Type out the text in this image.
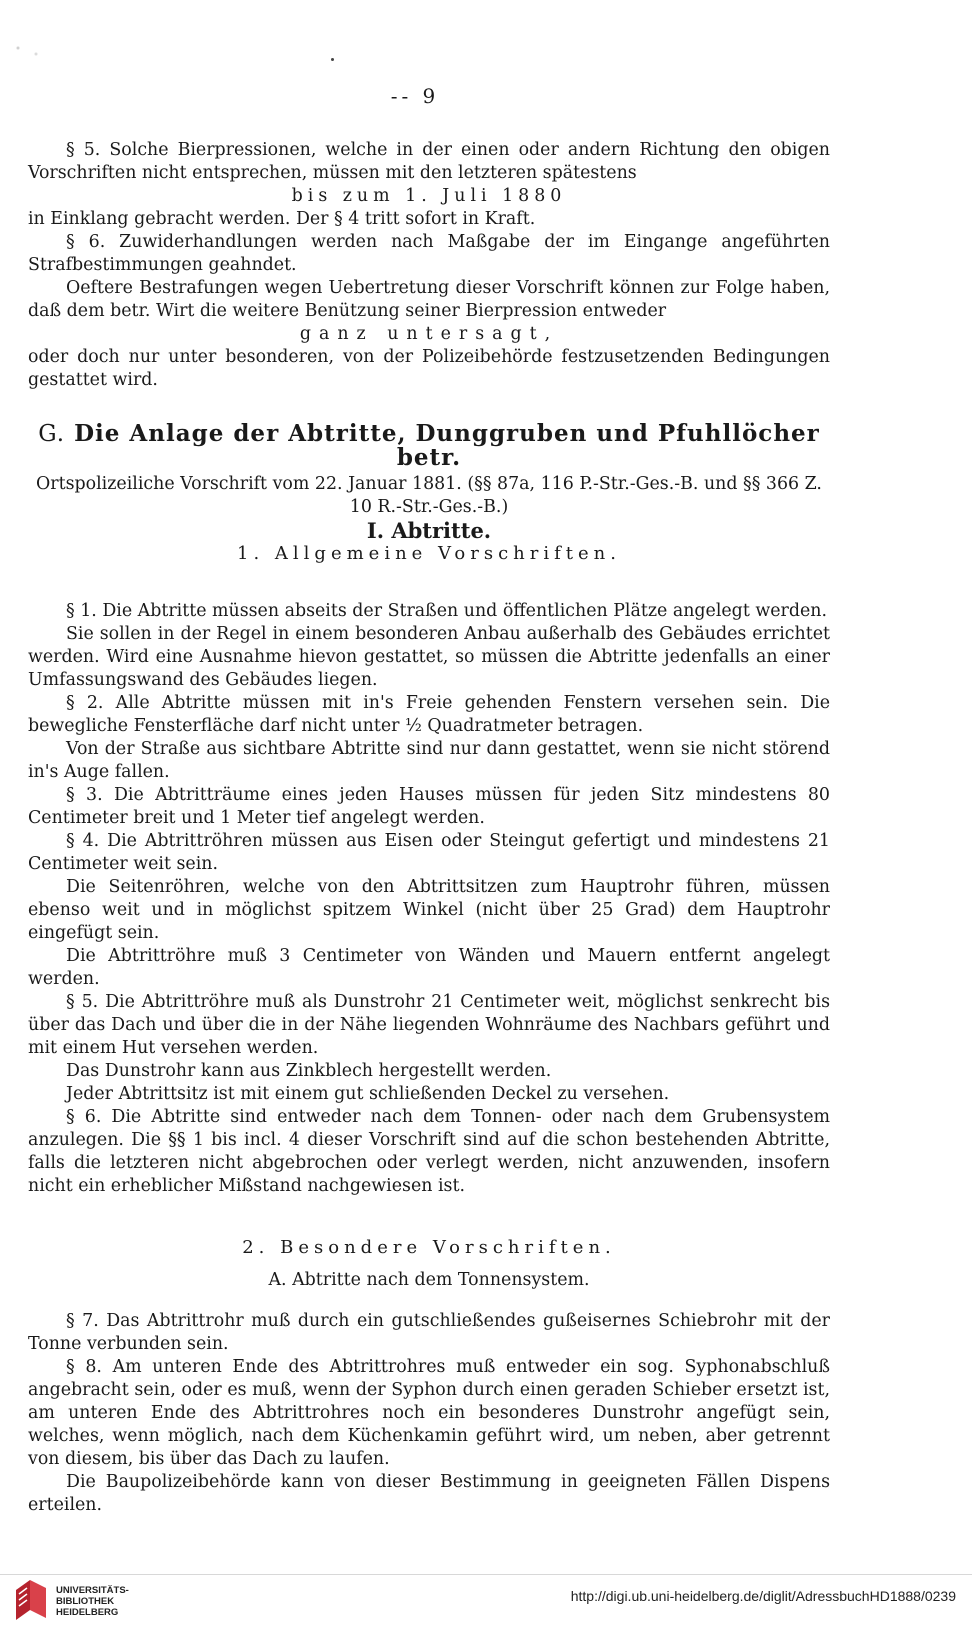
-- 9

§ 5. Solche Bierpressionen, welche in der einen oder andern Richtung den obigen Vorschriften nicht entsprechen, müssen mit den letzteren spätestens

bis zum 1. Juli 1880

in Einklang gebracht werden. Der § 4 tritt sofort in Kraft.

§ 6. Zuwiderhandlungen werden nach Maßgabe der im Eingange angeführten Strafbestimmungen geahndet.

Oeftere Bestrafungen wegen Uebertretung dieser Vorschrift können zur Folge haben, daß dem betr. Wirt die weitere Benützung seiner Bierpression entweder

ganz untersagt,

oder doch nur unter besonderen, von der Polizeibehörde festzusetzenden Bedingungen gestattet wird.

G. Die Anlage der Abtritte, Dunggruben und Pfuhllöcher betr.

Ortspolizeiliche Vorschrift vom 22. Januar 1881. (§§ 87a, 116 P.-Str.-Ges.-B. und §§ 366 Z. 10 R.-Str.-Ges.-B.)

I. Abtritte.

1. Allgemeine Vorschriften.

§ 1. Die Abtritte müssen abseits der Straßen und öffentlichen Plätze angelegt werden.

Sie sollen in der Regel in einem besonderen Anbau außerhalb des Gebäudes errichtet werden. Wird eine Ausnahme hievon gestattet, so müssen die Abtritte jedenfalls an einer Umfassungswand des Gebäudes liegen.

§ 2. Alle Abtritte müssen mit in's Freie gehenden Fenstern versehen sein. Die bewegliche Fensterfläche darf nicht unter ½ Quadratmeter betragen.

Von der Straße aus sichtbare Abtritte sind nur dann gestattet, wenn sie nicht störend in's Auge fallen.

§ 3. Die Abtritträume eines jeden Hauses müssen für jeden Sitz mindestens 80 Centimeter breit und 1 Meter tief angelegt werden.

§ 4. Die Abtrittröhren müssen aus Eisen oder Steingut gefertigt und mindestens 21 Centimeter weit sein.

Die Seitenröhren, welche von den Abtrittsitzen zum Hauptrohr führen, müssen ebenso weit und in möglichst spitzem Winkel (nicht über 25 Grad) dem Hauptrohr eingefügt sein.

Die Abtrittröhre muß 3 Centimeter von Wänden und Mauern entfernt angelegt werden.

§ 5. Die Abtrittröhre muß als Dunstrohr 21 Centimeter weit, möglichst senkrecht bis über das Dach und über die in der Nähe liegenden Wohnräume des Nachbars geführt und mit einem Hut versehen werden.

Das Dunstrohr kann aus Zinkblech hergestellt werden.

Jeder Abtrittsitz ist mit einem gut schließenden Deckel zu versehen.

§ 6. Die Abtritte sind entweder nach dem Tonnen- oder nach dem Grubensystem anzulegen. Die §§ 1 bis incl. 4 dieser Vorschrift sind auf die schon bestehenden Abtritte, falls die letzteren nicht abgebrochen oder verlegt werden, nicht anzuwenden, insofern nicht ein erheblicher Mißstand nachgewiesen ist.

2. Besondere Vorschriften.

A. Abtritte nach dem Tonnensystem.

§ 7. Das Abtrittrohr muß durch ein gutschließendes gußeisernes Schiebrohr mit der Tonne verbunden sein.

§ 8. Am unteren Ende des Abtrittrohres muß entweder ein sog. Syphonabschluß angebracht sein, oder es muß, wenn der Syphon durch einen geraden Schieber ersetzt ist, am unteren Ende des Abtrittrohres noch ein besonderes Dunstrohr angefügt sein, welches, wenn möglich, nach dem Küchenkamin geführt wird, um neben, aber getrennt von diesem, bis über das Dach zu laufen.

Die Baupolizeibehörde kann von dieser Bestimmung in geeigneten Fällen Dispens erteilen.

UNIVERSITÄTS-
BIBLIOTHEK
HEIDELBERG
http://digi.ub.uni-heidelberg.de/diglit/AdressbuchHD1888/0239
